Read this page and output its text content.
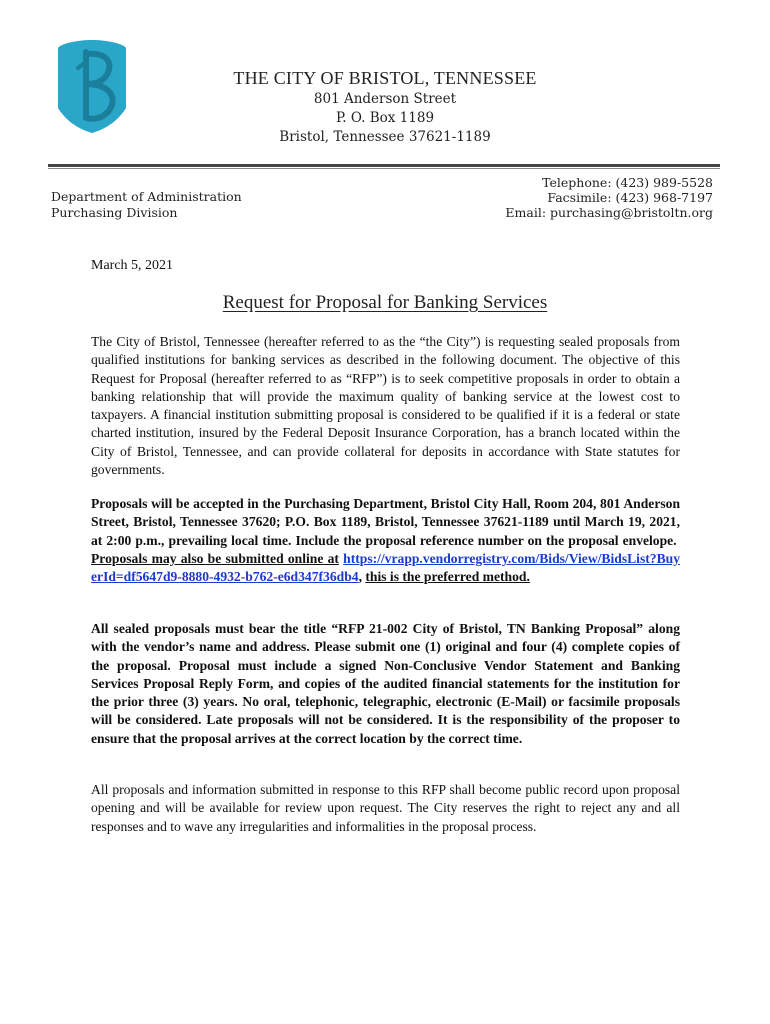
THE CITY OF BRISTOL, TENNESSEE
801 Anderson Street
P. O. Box 1189
Bristol, Tennessee 37621-1189
Department of Administration
Purchasing Division
Telephone: (423) 989-5528
Facsimile: (423) 968-7197
Email: purchasing@bristoltn.org
March 5, 2021
Request for Proposal for Banking Services

The City of Bristol, Tennessee (hereafter referred to as the “the City”) is requesting sealed proposals from qualified institutions for banking services as described in the following document. The objective of this Request for Proposal (hereafter referred to as “RFP”) is to seek competitive proposals in order to obtain a banking relationship that will provide the maximum quality of banking service at the lowest cost to taxpayers. A financial institution submitting proposal is considered to be qualified if it is a federal or state charted institution, insured by the Federal Deposit Insurance Corporation, has a branch located within the City of Bristol, Tennessee, and can provide collateral for deposits in accordance with State statutes for governments.

Proposals will be accepted in the Purchasing Department, Bristol City Hall, Room 204, 801 Anderson Street, Bristol, Tennessee 37620; P.O. Box 1189, Bristol, Tennessee 37621-1189 until March 19, 2021, at 2:00 p.m., prevailing local time. Include the proposal reference number on the proposal envelope.  Proposals may also be submitted online at https://vrapp.vendorregistry.com/Bids/View/BidsList?BuyerId=df5647d9-8880-4932-b762-e6d347f36db4, this is the preferred method.

All sealed proposals must bear the title “RFP 21-002 City of Bristol, TN Banking Proposal” along with the vendor’s name and address. Please submit one (1) original and four (4) complete copies of the proposal. Proposal must include a signed Non-Conclusive Vendor Statement and Banking Services Proposal Reply Form, and copies of the audited financial statements for the institution for the prior three (3) years. No oral, telephonic, telegraphic, electronic (E-Mail) or facsimile proposals will be considered. Late proposals will not be considered. It is the responsibility of the proposer to ensure that the proposal arrives at the correct location by the correct time.

All proposals and information submitted in response to this RFP shall become public record upon proposal opening and will be available for review upon request. The City reserves the right to reject any and all responses and to wave any irregularities and informalities in the proposal process.
